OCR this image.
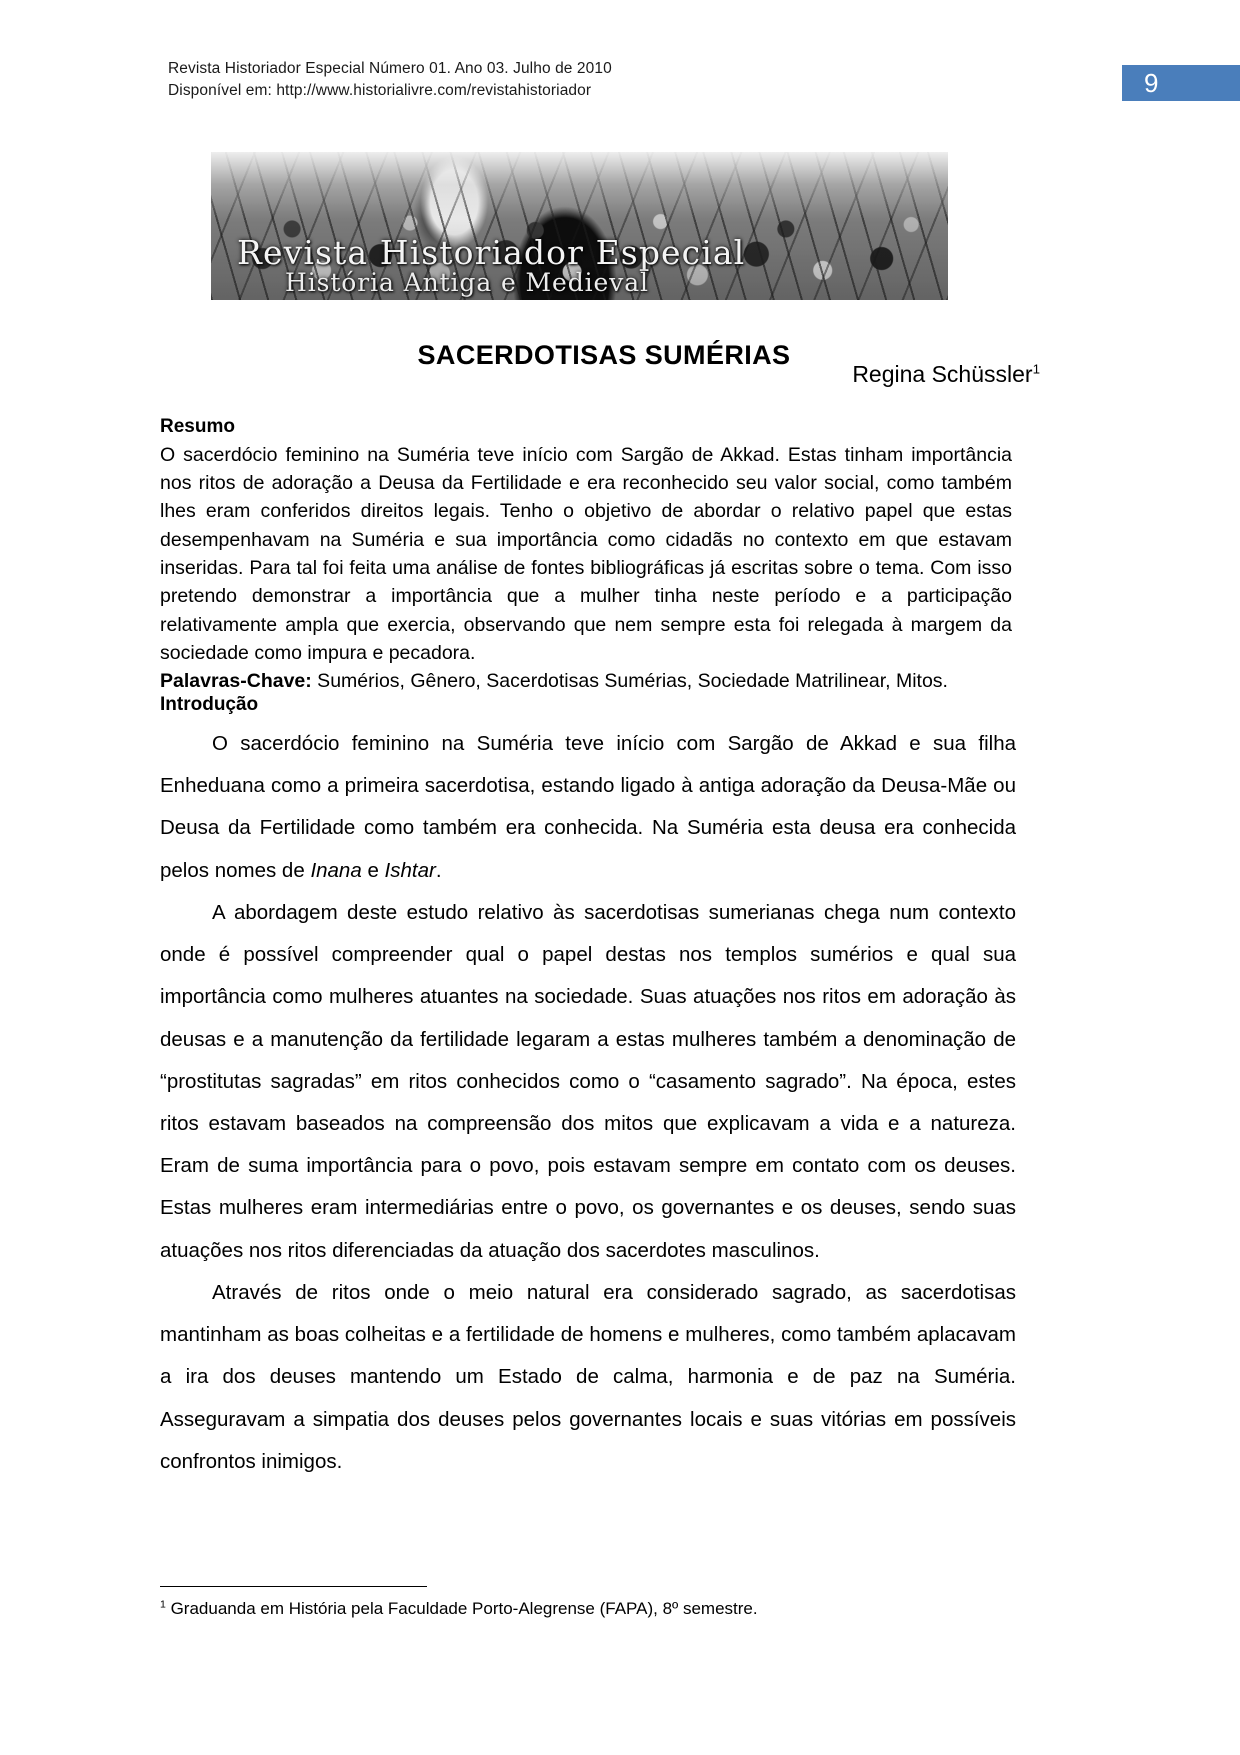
Revista Historiador Especial Número 01. Ano 03. Julho de 2010
Disponível em: http://www.historialivre.com/revistahistoriador	9
Revista Historiador Especial
História Antiga e Medieval
SACERDOTISAS SUMÉRIAS
Regina Schüssler$^1$
Resumo

O sacerdócio feminino na Suméria teve início com Sargão de Akkad. Estas tinham importância nos ritos de adoração a Deusa da Fertilidade e era reconhecido seu valor social, como também lhes eram conferidos direitos legais. Tenho o objetivo de abordar o relativo papel que estas desempenhavam na Suméria e sua importância como cidadãs no contexto em que estavam inseridas. Para tal foi feita uma análise de fontes bibliográficas já escritas sobre o tema. Com isso pretendo demonstrar a importância que a mulher tinha neste período e a participação relativamente ampla que exercia, observando que nem sempre esta foi relegada à margem da sociedade como impura e pecadora.

Palavras-Chave: Sumérios, Gênero, Sacerdotisas Sumérias, Sociedade Matrilinear, Mitos.

Introdução

O sacerdócio feminino na Suméria teve início com Sargão de Akkad e sua filha Enheduana como a primeira sacerdotisa, estando ligado à antiga adoração da Deusa-Mãe ou Deusa da Fertilidade como também era conhecida. Na Suméria esta deusa era conhecida pelos nomes de Inana e Ishtar.

A abordagem deste estudo relativo às sacerdotisas sumerianas chega num contexto onde é possível compreender qual o papel destas nos templos sumérios e qual sua importância como mulheres atuantes na sociedade. Suas atuações nos ritos em adoração às deusas e a manutenção da fertilidade legaram a estas mulheres também a denominação de “prostitutas sagradas” em ritos conhecidos como o “casamento sagrado”. Na época, estes ritos estavam baseados na compreensão dos mitos que explicavam a vida e a natureza. Eram de suma importância para o povo, pois estavam sempre em contato com os deuses. Estas mulheres eram intermediárias entre o povo, os governantes e os deuses, sendo suas atuações nos ritos diferenciadas da atuação dos sacerdotes masculinos.

Através de ritos onde o meio natural era considerado sagrado, as sacerdotisas mantinham as boas colheitas e a fertilidade de homens e mulheres, como também aplacavam a ira dos deuses mantendo um Estado de calma, harmonia e de paz na Suméria. Asseguravam a simpatia dos deuses pelos governantes locais e suas vitórias em possíveis confrontos inimigos.

$^1$ Graduanda em História pela Faculdade Porto-Alegrense (FAPA), 8º semestre.
